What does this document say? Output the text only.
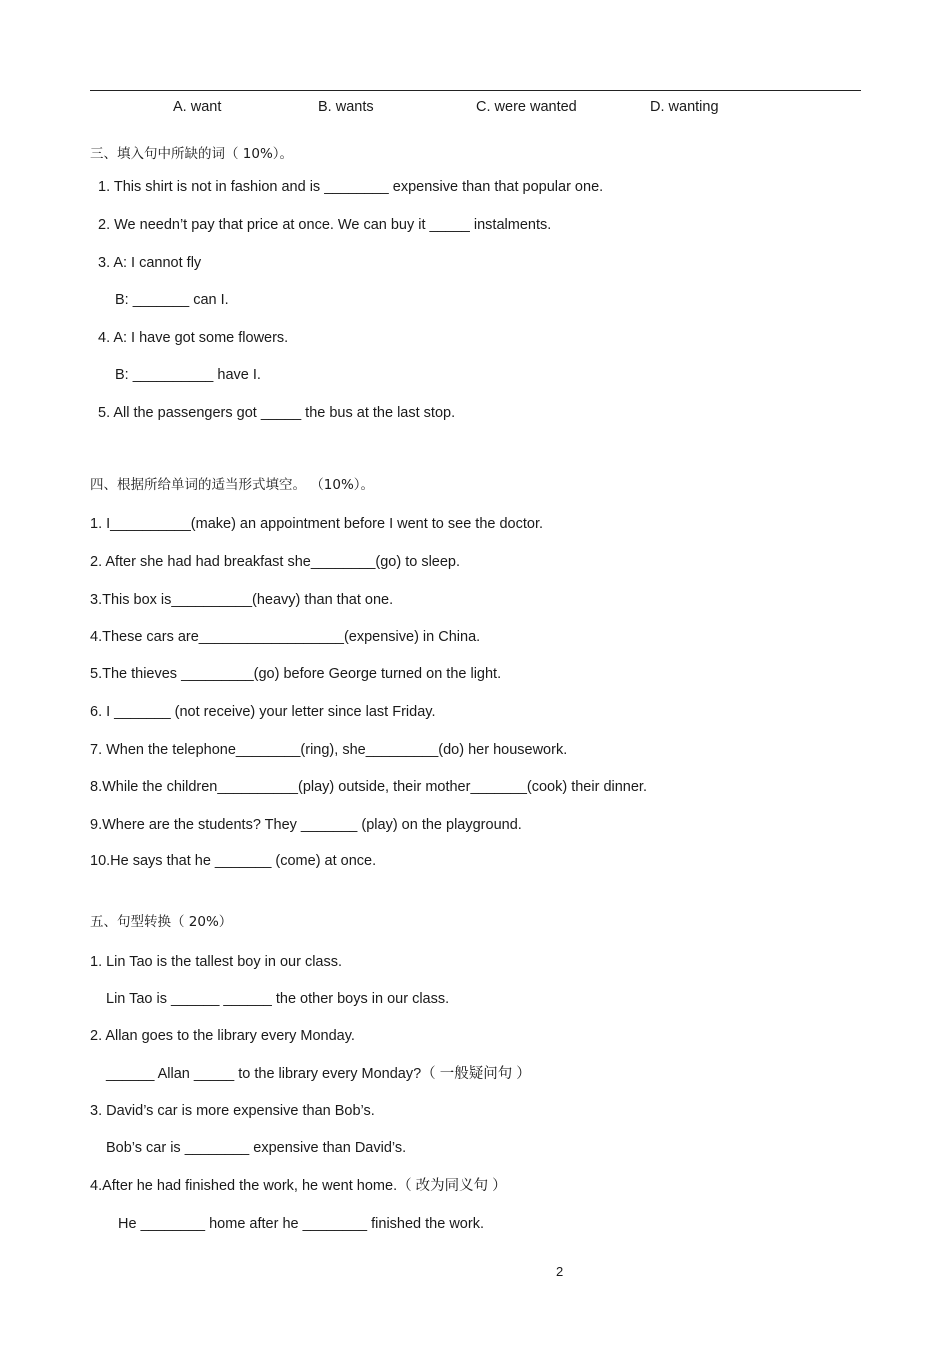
A. want	B. wants	C. were wanted	D. wanting
三、填入句中所缺的词（ 10%）。
1. This shirt is not in fashion and is ________ expensive than that popular one.
2. We needn’t pay that price at once. We can buy it _____ instalments.
3. A: I cannot fly
B: _______ can I.
4. A: I have got some flowers.
B: __________ have I.
5. All the passengers got _____ the bus at the last stop.
四、根据所给单词的适当形式填空。 （10%）。
1. I__________(make) an appointment before I went to see the doctor.
2. After she had had breakfast she________(go) to sleep.
3.This box is__________(heavy) than that one.
4.These cars are__________________(expensive) in China.
5.The thieves _________(go) before George turned on the light.
6. I _______ (not receive) your letter since last Friday.
7. When the telephone________(ring), she_________(do) her housework.
8.While the children__________(play) outside, their mother_______(cook) their dinner.
9.Where are the students? They _______ (play) on the playground.
10.He says that he _______ (come) at once.
五、句型转换（ 20%）
1. Lin Tao is the tallest boy in our class.
Lin Tao is ______ ______ the other boys in our class.
2. Allan goes to the library every Monday.
______ Allan _____ to the library every Monday?（ 一般疑问句 ）
3. David’s car is more expensive than Bob’s.
Bob’s car is ________ expensive than David’s.
4.After he had finished the work, he went home.（ 改为同义句 ）
He ________ home after he ________ finished the work.
2
